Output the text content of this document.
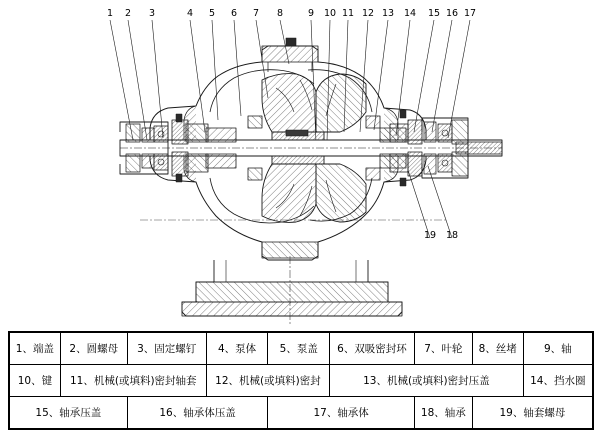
1	2	3	4	5	6	7	8	9	10 11 12 13 14 15 16 17
19 18
1、端盖	2、圆螺母	3、固定螺钉	4、泵体	5、泵盖	6、双吸密封环	7、叶轮	8、丝堵	9、轴
10、键	11、机械(或填料)密封轴套		12、机械(或填料)密封		13、机械(或填料)密封压盖			14、挡水圈
15、轴承压盖		16、轴承体压盖		17、轴承体		18、轴承	19、轴套螺母	
